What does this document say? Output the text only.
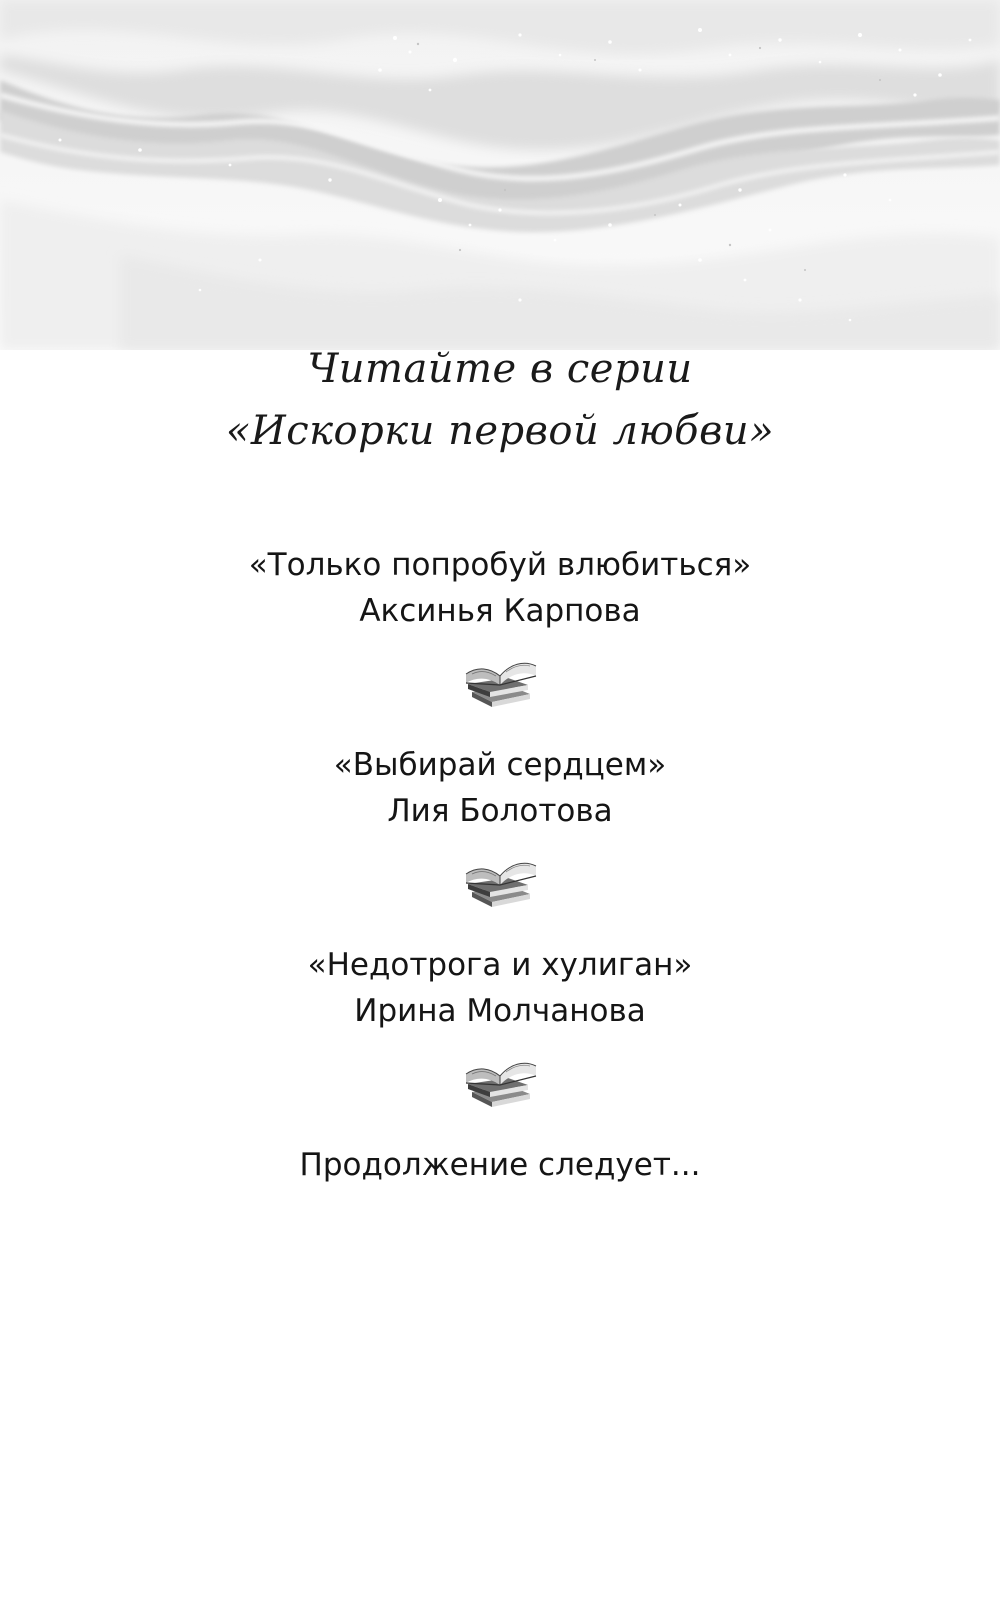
Читайте в серии
«Искорки первой любви»
«Только попробуй влюбиться»
Аксинья Карпова
«Выбирай сердцем»
Лия Болотова
«Недотрога и хулиган»
Ирина Молчанова
Продолжение следует...
